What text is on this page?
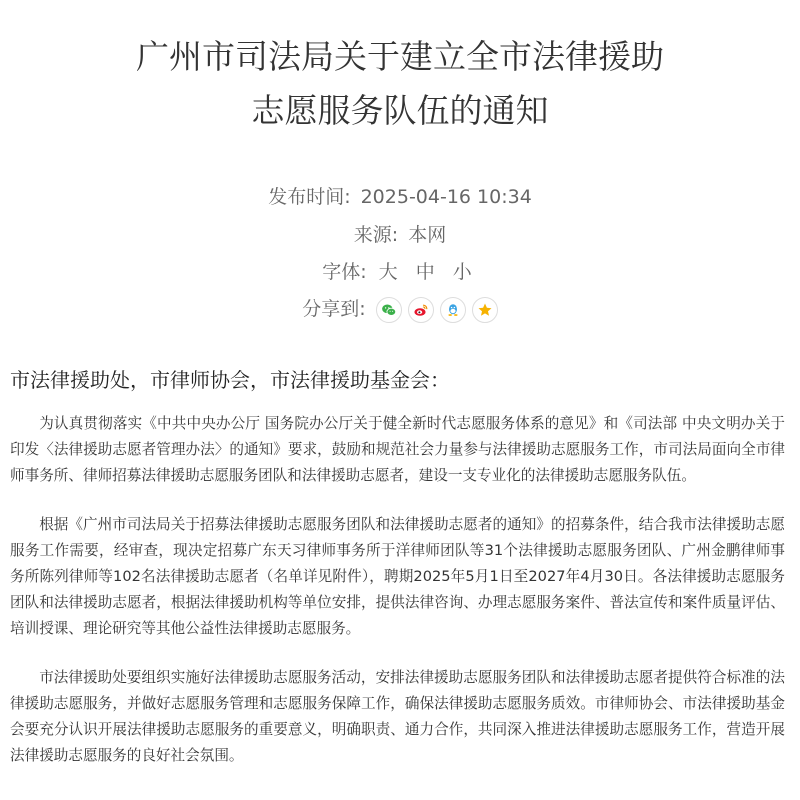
广州市司法局关于建立全市法律援助
志愿服务队伍的通知
发布时间: 2025-04-16 10:34
来源: 本网
字体: 大 中 小
分享到:

市法律援助处，市律师协会，市法律援助基金会：

为认真贯彻落实《中共中央办公厅 国务院办公厅关于健全新时代志愿服务体系的意见》和《司法部 中央文明办关于印发〈法律援助志愿者管理办法〉的通知》要求，鼓励和规范社会力量参与法律援助志愿服务工作，市司法局面向全市律师事务所、律师招募法律援助志愿服务团队和法律援助志愿者，建设一支专业化的法律援助志愿服务队伍。

根据《广州市司法局关于招募法律援助志愿服务团队和法律援助志愿者的通知》的招募条件，结合我市法律援助志愿服务工作需要，经审查，现决定招募广东天习律师事务所于洋律师团队等31个法律援助志愿服务团队、广州金鹏律师事务所陈列律师等102名法律援助志愿者（名单详见附件），聘期2025年5月1日至2027年4月30日。各法律援助志愿服务团队和法律援助志愿者，根据法律援助机构等单位安排，提供法律咨询、办理志愿服务案件、普法宣传和案件质量评估、培训授课、理论研究等其他公益性法律援助志愿服务。

市法律援助处要组织实施好法律援助志愿服务活动，安排法律援助志愿服务团队和法律援助志愿者提供符合标准的法律援助志愿服务，并做好志愿服务管理和志愿服务保障工作，确保法律援助志愿服务质效。市律师协会、市法律援助基金会要充分认识开展法律援助志愿服务的重要意义，明确职责、通力合作，共同深入推进法律援助志愿服务工作，营造开展法律援助志愿服务的良好社会氛围。
